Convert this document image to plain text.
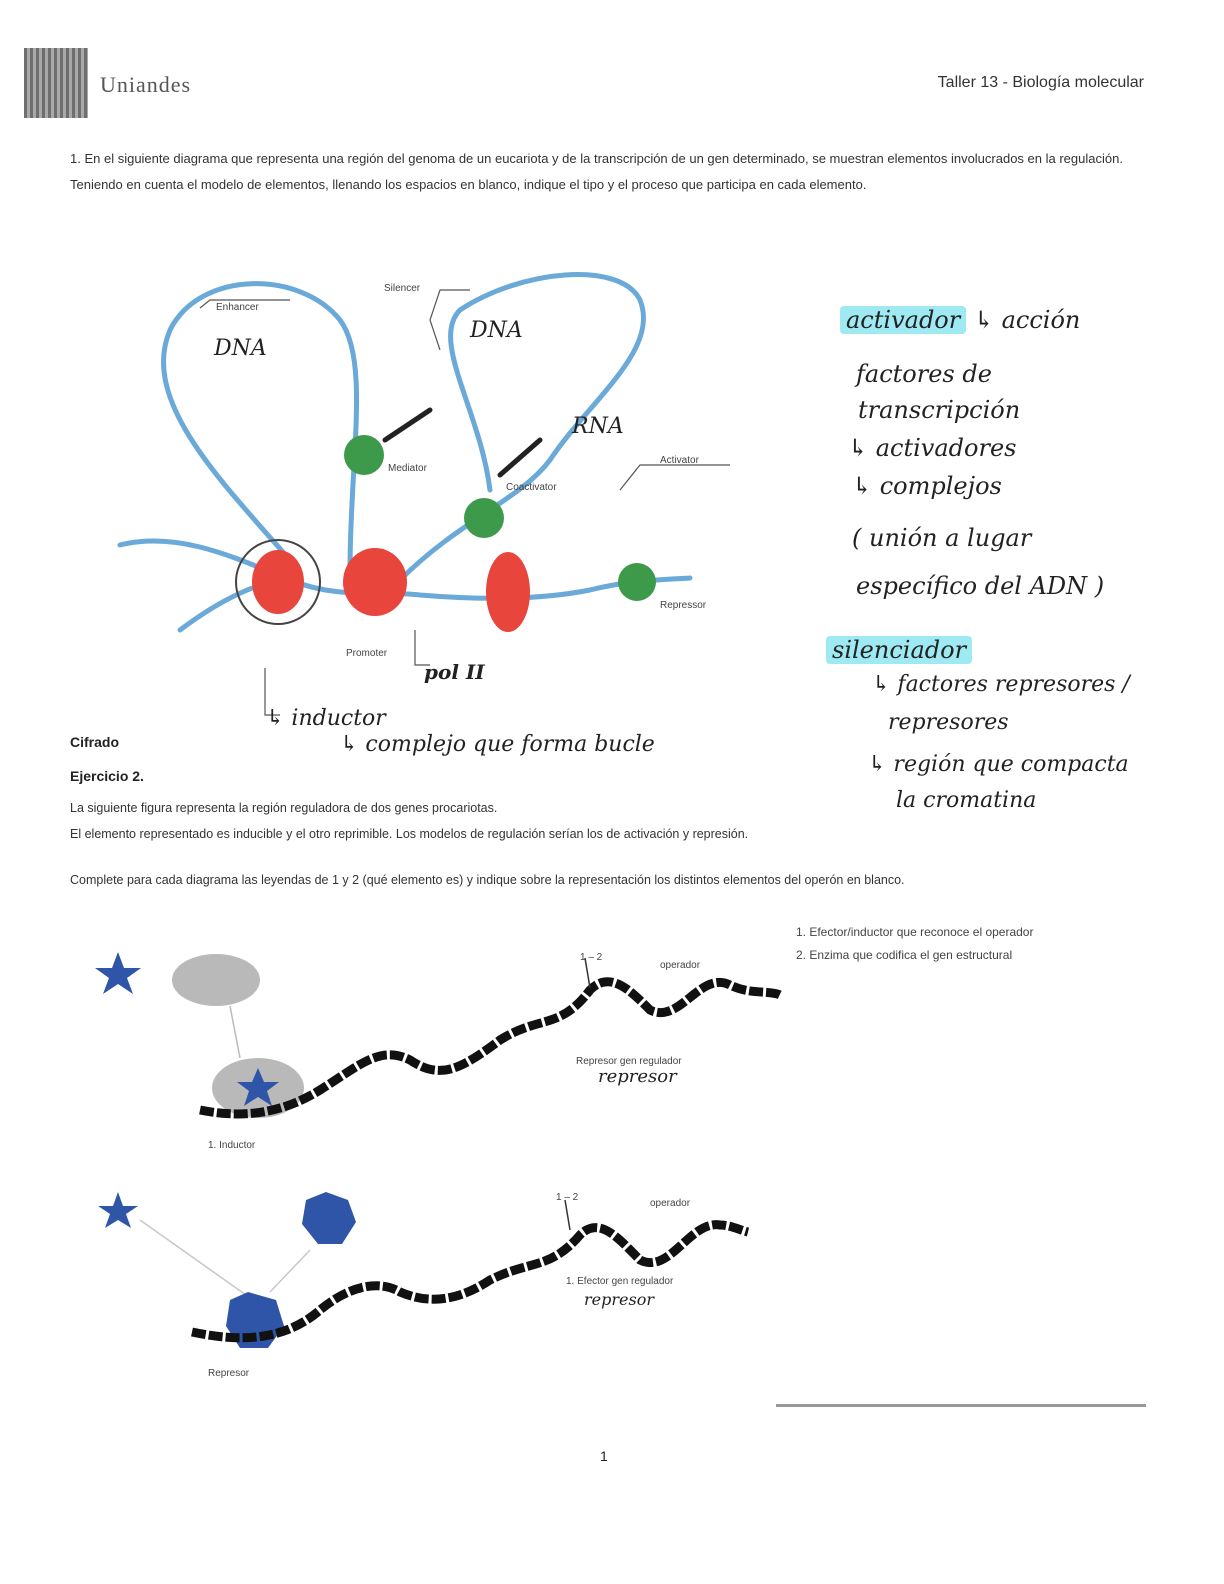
Uniandes	Taller 13 - Biología molecular
1. En el siguiente diagrama que representa una región del genoma de un eucariota y de la transcripción de un gen determinado, se muestran elementos involucrados en la regulación.
Teniendo en cuenta el modelo de elementos, llenando los espacios en blanco, indique el tipo y el proceso que participa en cada elemento.
Enhancer
DNA
Silencer
DNA
RNA
Activator
Mediator
Coactivator
Repressor
Promoter
pol II
↳ inductor
↳ complejo que forma bucle
activador ↳ acción
factores de
transcripción
↳ activadores
↳ complejos
( unión a lugar
específico del ADN )
silenciador
↳ factores represores /
represores
↳ región que compacta
la cromatina
Cifrado
Ejercicio 2.
La siguiente figura representa la región reguladora de dos genes procariotas.
El elemento representado es inducible y el otro reprimible. Los modelos de regulación serían los de activación y represión.
Complete para cada diagrama las leyendas de 1 y 2 (qué elemento es) y indique sobre la representación los distintos elementos del operón en blanco.
1. Efector/inductor que reconoce el operador
2. Enzima que codifica el gen estructural
1 – 2
operador
Represor gen regulador
represor
1. Inductor
1 – 2
operador
1. Efector gen regulador
represor
Represor
1
